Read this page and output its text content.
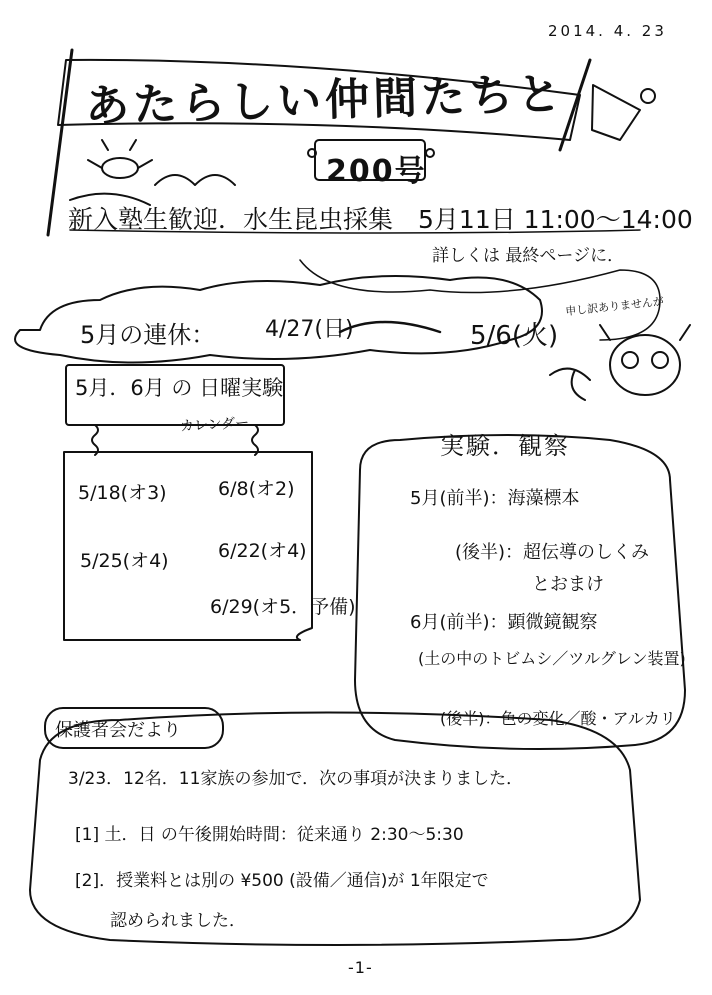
2014. 4. 23
あたらしい仲間たちと
200号
新入塾生歓迎．水生昆虫採集　5月11日 11:00〜14:00
詳しくは 最終ページに．
5月の連休： 4/27(日)	5/6(火)
申し訳ありませんが
5月．6月 の 日曜実験
カレンダー
5/18(オ3)	6/8(オ2)
5/25(オ4)	6/22(オ4)
6/29(オ5．予備)
実験．観察
5月(前半)：海藻標本
(後半)：超伝導のしくみ
とおまけ
6月(前半)：顕微鏡観察
(土の中のトビムシ／ツルグレン装置)
(後半)：色の変化／酸・アルカリ
保護者会だより
3/23．12名．11家族の参加で．次の事項が決まりました．
[1] 土．日 の午後開始時間：従来通り 2:30〜5:30
[2]．授業料とは別の ¥500 (設備／通信)が 1年限定で
認められました．
-1-
